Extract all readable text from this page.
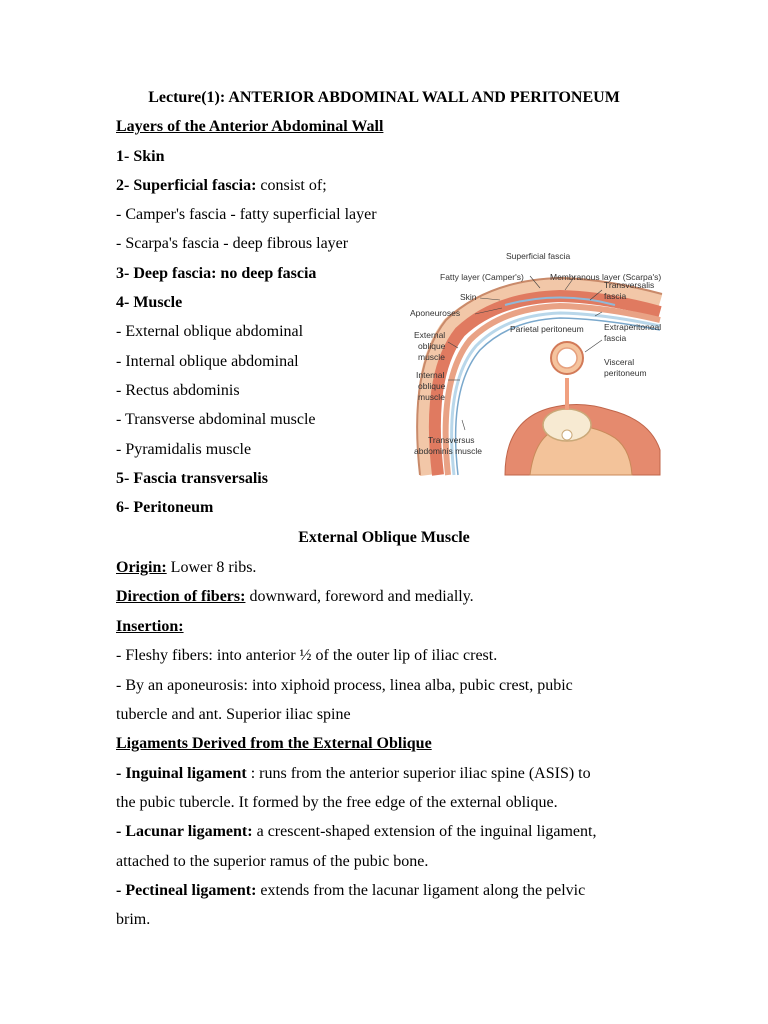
Lecture(1): ANTERIOR ABDOMINAL WALL AND PERITONEUM
Layers of the Anterior Abdominal Wall
1- Skin
2- Superficial fascia: consist of;
- Camper's fascia - fatty superficial layer
- Scarpa's fascia - deep fibrous layer
3- Deep fascia: no deep fascia
4- Muscle
- External oblique abdominal
- Internal oblique abdominal
- Rectus abdominis
- Transverse abdominal muscle
- Pyramidalis muscle
5- Fascia transversalis
6- Peritoneum
Superficial fascia
Fatty layer (Camper's)	Membranous layer (Scarpa's)
Skin
Aponeuroses
Transversalis
fascia
Extraperitoneal
fascia
Parietal peritoneum
Visceral
peritoneum
External
oblique
muscle
Internal
oblique
muscle
Transversus
abdominis muscle
External Oblique Muscle
Origin: Lower 8 ribs.
Direction of fibers: downward, foreword and medially.
Insertion:
- Fleshy fibers: into anterior ½ of the outer lip of iliac crest.
- By an aponeurosis: into xiphoid process, linea alba, pubic crest, pubic
tubercle and ant. Superior iliac spine
Ligaments Derived from the External Oblique
- Inguinal ligament : runs from the anterior superior iliac spine (ASIS) to
the pubic tubercle. It formed by the free edge of the external oblique.
- Lacunar ligament: a crescent-shaped extension of the inguinal ligament,
attached to the superior ramus of the pubic bone.
- Pectineal ligament: extends from the lacunar ligament along the pelvic
brim.
